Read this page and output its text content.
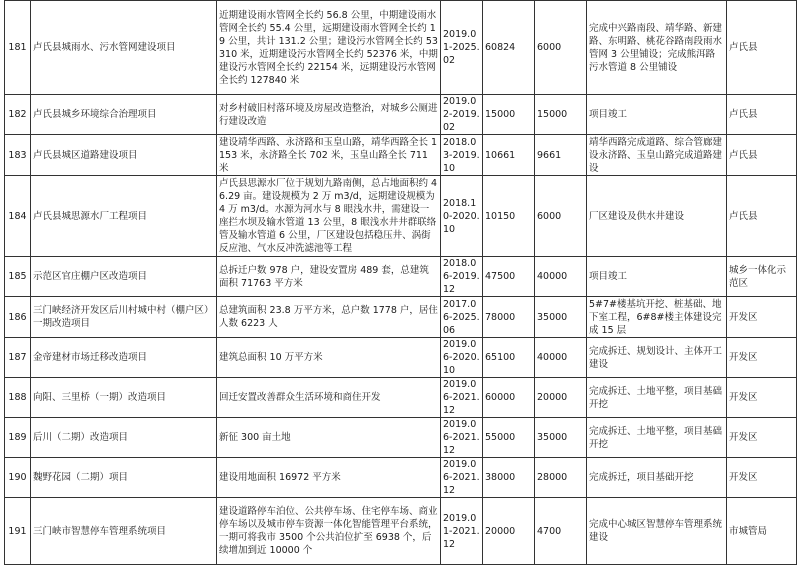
181	卢氏县城雨水、污水管网建设项目	近期建设雨水管网全长约 56.8 公里，中期建设雨水管网全长约 55.4 公里，远期建设雨水管网全长约 19 公里，共计 131.2 公里；建设污水管网全长约 53310 米，近期建设污水管网全长约 52376 米，中期建设污水管网全长约 22154 米，远期建设污水管网全长约 127840 米	2019.01-2025.02	60824	6000	完成中兴路南段、靖华路、新建路、东明路、桃花谷路南段雨水管网 3 公里铺设；完成熊洱路污水管道 8 公里铺设	卢氏县
182	卢氏县城乡环境综合治理项目	对乡村破旧村落环境及房屋改造整治，对城乡公厕进行建设改造	2019.02-2019.02	15000	15000	项目竣工	卢氏县
183	卢氏县城区道路建设项目	建设靖华西路、永济路和玉皇山路，靖华西路全长 1153 米，永济路全长 702 米，玉皇山路全长 711 米	2018.03-2019.10	10661	9661	靖华西路完成道路、综合管廊建设永济路、玉皇山路完成道路建设	卢氏县
184	卢氏县城思源水厂工程项目	卢氏县思源水厂位于规划九路南侧，总占地面积约 46.29 亩。建设规模为 2 万 m3/d，远期建设规模为 4 万 m3/d。水源为河水与 8 眼浅水井，需建设一座拦水坝及输水管道 13 公里，8 眼浅水井井群联络管及输水管道 6 公里，厂区建设包括稳压井、涡街反应池、气水反冲洗滤池等工程	2018.10-2020.10	10150	6000	厂区建设及供水井建设	卢氏县
185	示范区官庄棚户区改造项目	总拆迁户数 978 户，建设安置房 489 套，总建筑面积 71763 平方米	2018.06-2019.12	47500	40000	项目竣工	城乡一体化示范区
186	三门峡经济开发区后川村城中村（棚户区）一期改造项目	总建筑面积 23.8 万平方米，总户数 1778 户，居住人数 6223 人	2017.06-2025.06	78000	35000	5#7#楼基坑开挖、桩基础、地下室工程，6#8#楼主体建设完成 15 层	开发区
187	金帝建材市场迁移改造项目	建筑总面积 10 万平方米	2019.06-2020.10	65100	40000	完成拆迁、规划设计、主体开工建设	开发区
188	向阳、三里桥（一期）改造项目	回迁安置改善群众生活环境和商住开发	2019.06-2021.12	60000	20000	完成拆迁、土地平整，项目基础开挖	开发区
189	后川（二期）改造项目	新征 300 亩土地	2019.06-2021.12	55000	35000	完成拆迁、土地平整，项目基础开挖	开发区
190	魏野花园（二期）项目	建设用地面积 16972 平方米	2019.06-2021.12	38000	28000	完成拆迁，项目基础开挖	开发区
191	三门峡市智慧停车管理系统项目	建设道路停车泊位、公共停车场、住宅停车场、商业停车场以及城市停车资源一体化智能管理平台系统，一期可将我市 3500 个公共泊位扩至 6938 个，后续增加到近 10000 个	2019.01-2021.12	20000	4700	完成中心城区智慧停车管理系统建设	市城管局
